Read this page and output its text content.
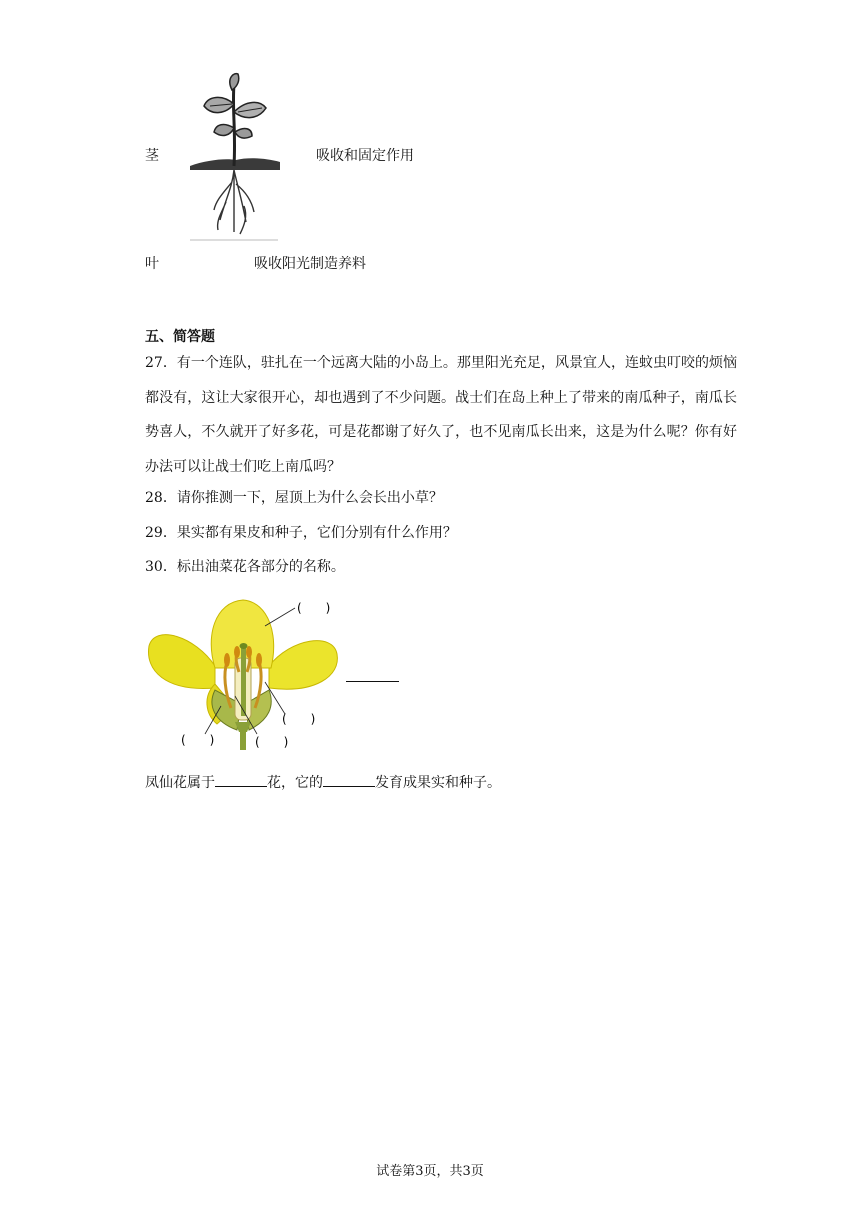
茎	吸收和固定作用
叶	吸收阳光制造养料
五、简答题
27．有一个连队，驻扎在一个远离大陆的小岛上。那里阳光充足，风景宜人，连蚊虫叮咬的烦恼都没有，这让大家很开心，却也遇到了不少问题。战士们在岛上种上了带来的南瓜种子，南瓜长势喜人，不久就开了好多花，可是花都谢了好久了，也不见南瓜长出来，这是为什么呢？你有好办法可以让战士们吃上南瓜吗？
28．请你推测一下，屋顶上为什么会长出小草？
29．果实都有果皮和种子，它们分别有什么作用？
30．标出油菜花各部分的名称。
(　　)
(　　)
(　　)
(　　)
凤仙花属于	花，它的	发育成果实和种子。
试卷第3页，共3页
